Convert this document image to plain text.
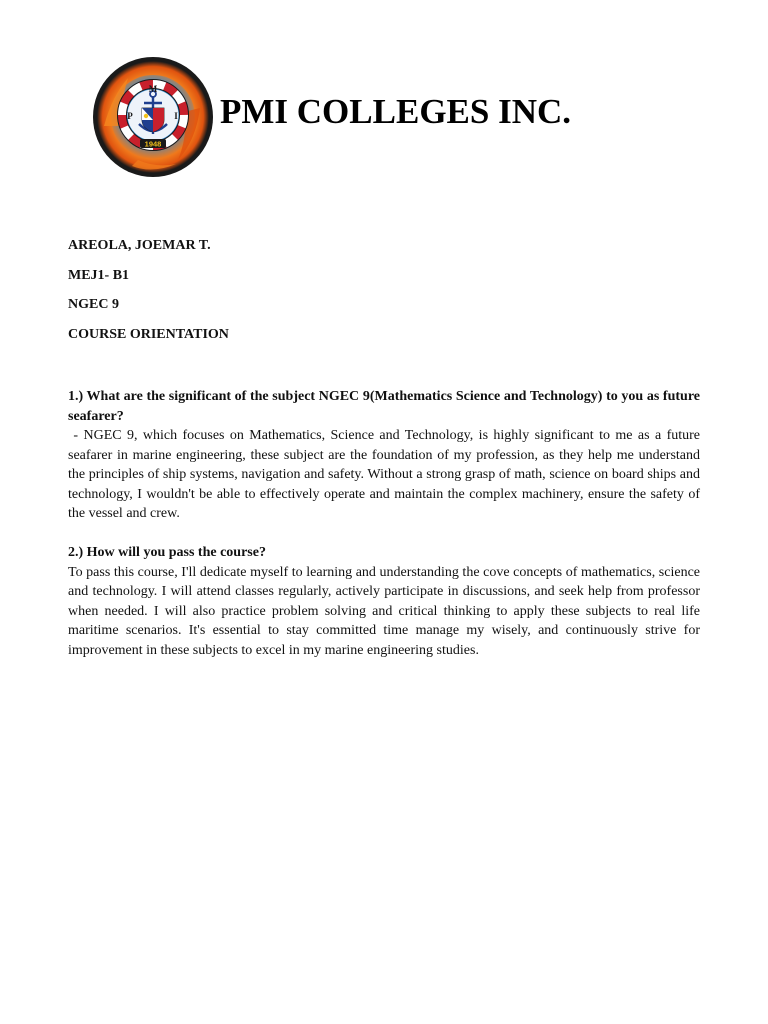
M
P	I
1948
PMI COLLEGES INC.
AREOLA, JOEMAR T.
MEJ1- B1
NGEC 9
COURSE ORIENTATION

1.) What are the significant of the subject NGEC 9(Mathematics Science and Technology) to you as future seafarer?

- NGEC 9, which focuses on Mathematics, Science and Technology, is highly significant to me as a future seafarer in marine engineering, these subject are the foundation of my profession, as they help me understand the principles of ship systems, navigation and safety. Without a strong grasp of math, science on board ships and technology, I wouldn't be able to effectively operate and maintain the complex machinery, ensure the safety of the vessel and crew.

2.) How will you pass the course?

To pass this course, I'll dedicate myself to learning and understanding the cove concepts of mathematics, science and technology. I will attend classes regularly, actively participate in discussions, and seek help from professor when needed. I will also practice problem solving and critical thinking to apply these subjects to real life maritime scenarios. It's essential to stay committed time manage my wisely, and continuously strive for improvement in these subjects to excel in my marine engineering studies.
